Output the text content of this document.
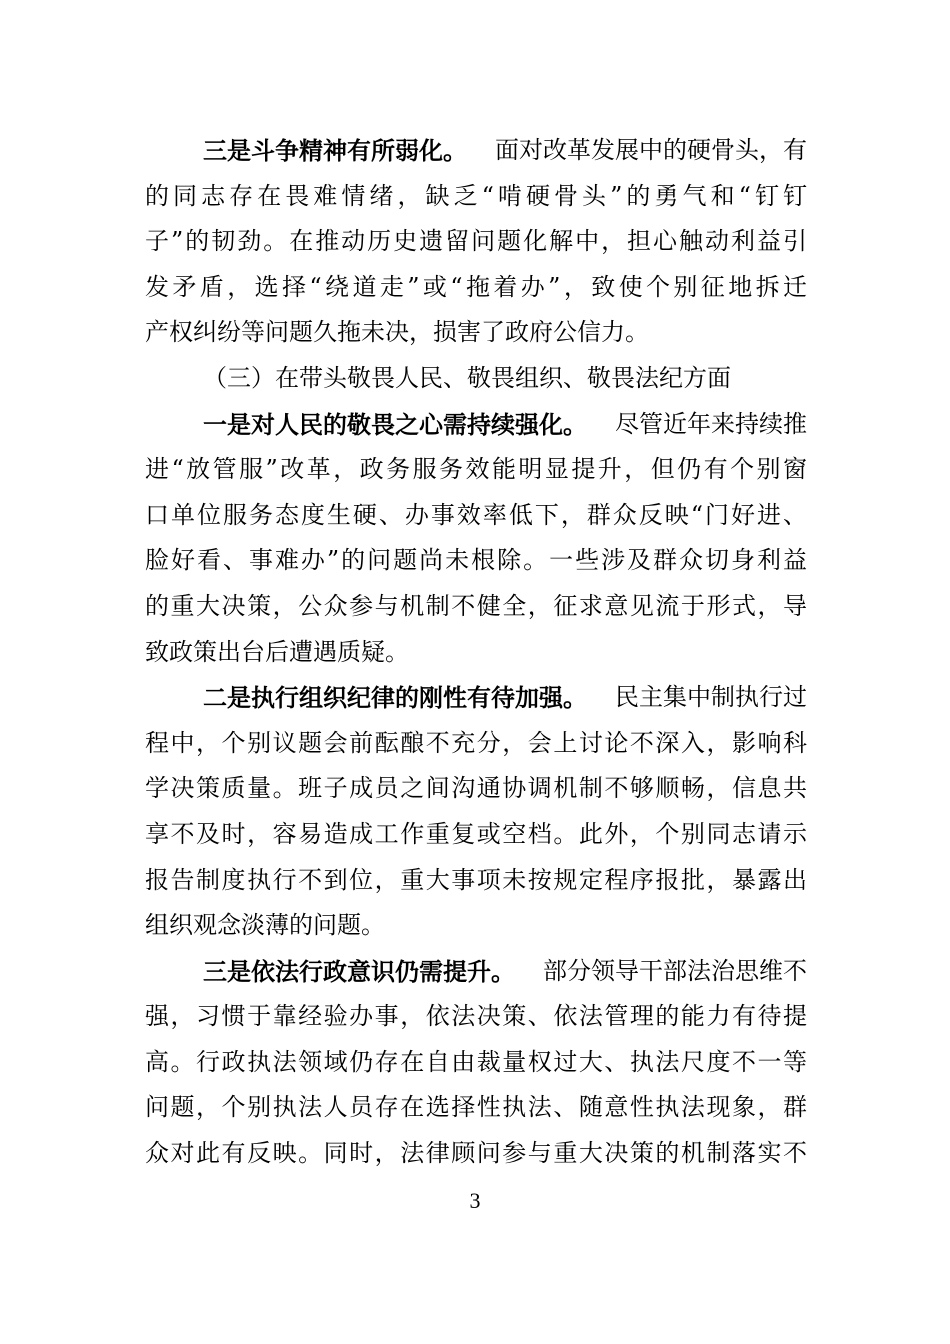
三是斗争精神有所弱化。 面对改革发展中的硬骨头，有
的同志存在畏难情绪，缺乏“啃硬骨头”的勇气和“钉钉
子”的韧劲。在推动历史遗留问题化解中，担心触动利益引
发矛盾，选择“绕道走”或“拖着办”，致使个别征地拆迁
产权纠纷等问题久拖未决，损害了政府公信力。
（三）在带头敬畏人民、敬畏组织、敬畏法纪方面
一是对人民的敬畏之心需持续强化。 尽管近年来持续推
进“放管服”改革，政务服务效能明显提升，但仍有个别窗
口单位服务态度生硬、办事效率低下，群众反映“门好进、
脸好看、事难办”的问题尚未根除。一些涉及群众切身利益
的重大决策，公众参与机制不健全，征求意见流于形式，导
致政策出台后遭遇质疑。
二是执行组织纪律的刚性有待加强。 民主集中制执行过
程中，个别议题会前酝酿不充分，会上讨论不深入，影响科
学决策质量。班子成员之间沟通协调机制不够顺畅，信息共
享不及时，容易造成工作重复或空档。此外，个别同志请示
报告制度执行不到位，重大事项未按规定程序报批，暴露出
组织观念淡薄的问题。
三是依法行政意识仍需提升。 部分领导干部法治思维不
强，习惯于靠经验办事，依法决策、依法管理的能力有待提
高。行政执法领域仍存在自由裁量权过大、执法尺度不一等
问题，个别执法人员存在选择性执法、随意性执法现象，群
众对此有反映。同时，法律顾问参与重大决策的机制落实不
3
